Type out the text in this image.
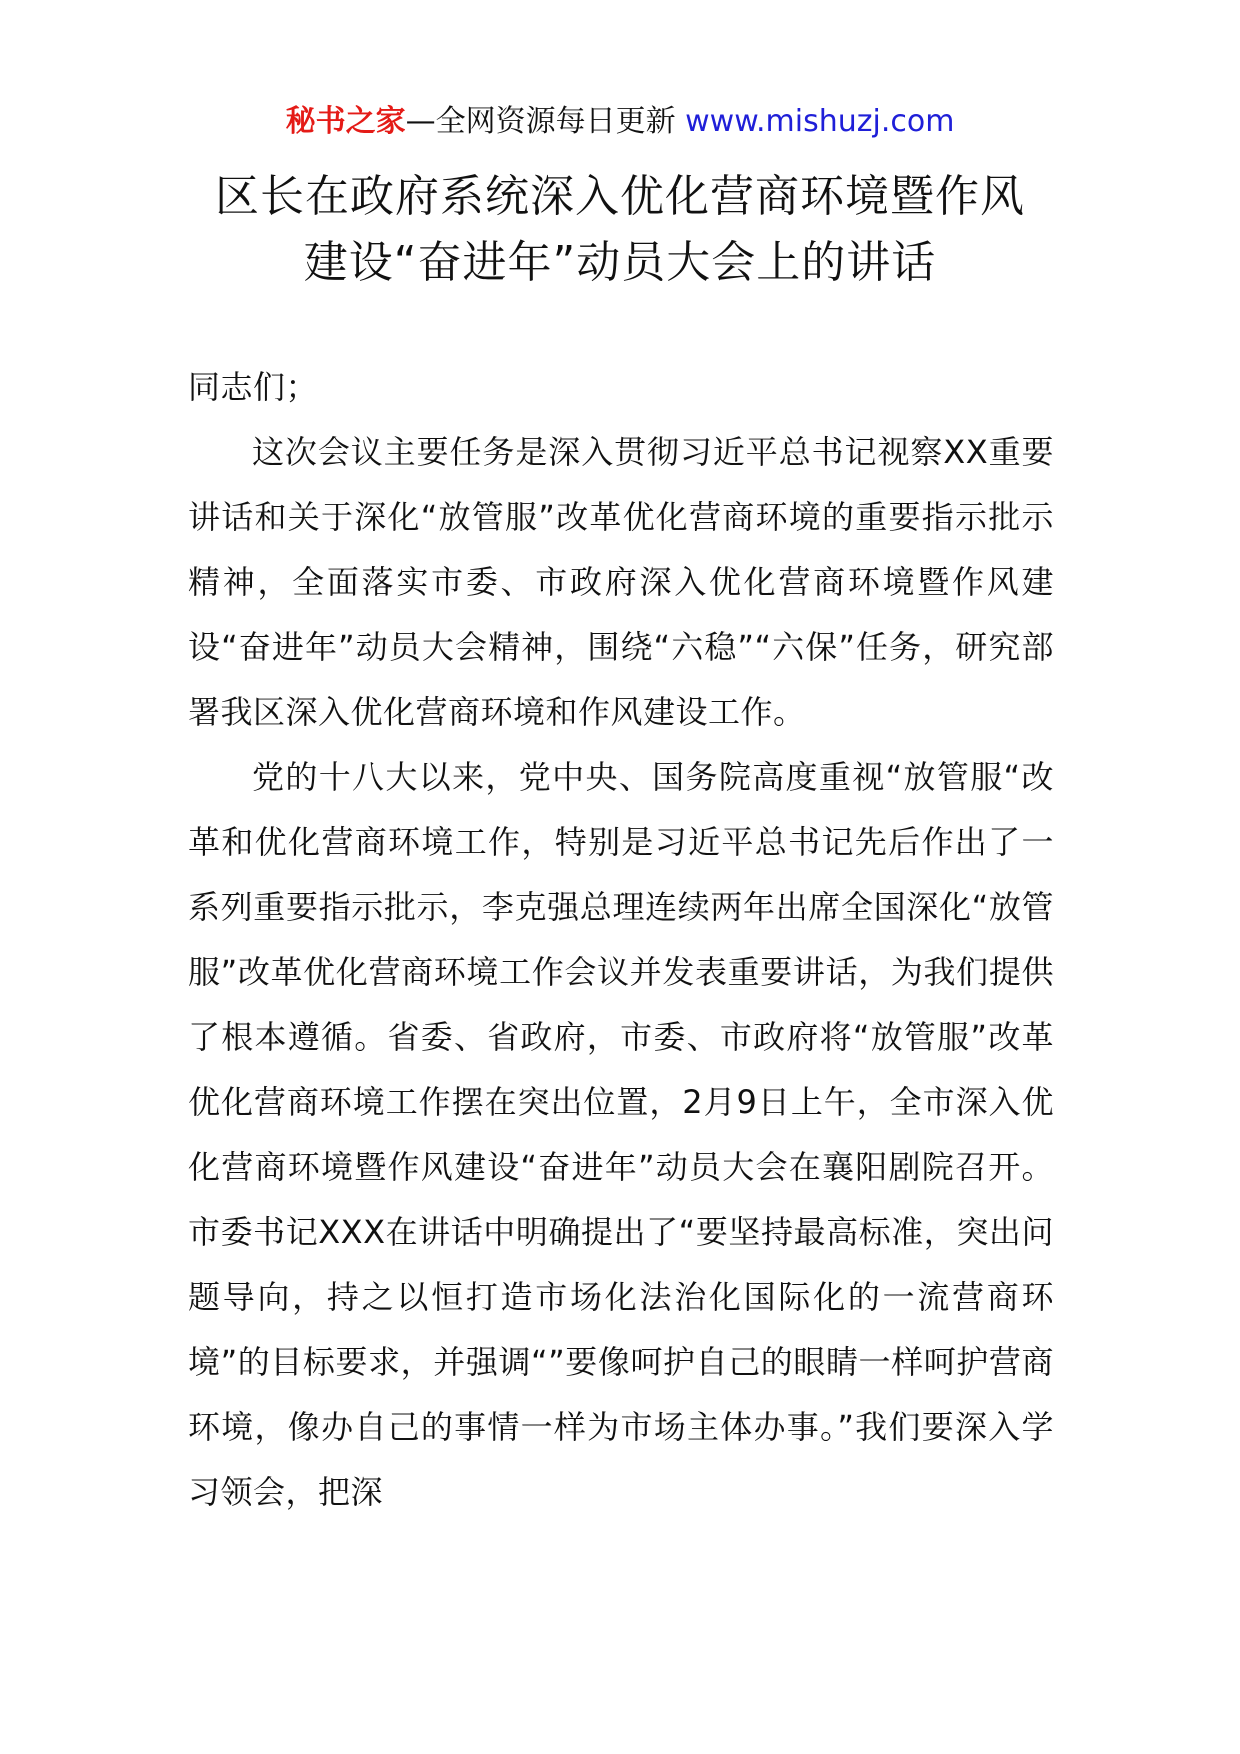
秘书之家—全网资源每日更新 www.mishuzj.com
区长在政府系统深入优化营商环境暨作风
建设“奋进年”动员大会上的讲话

同志们；

这次会议主要任务是深入贯彻习近平总书记视察XX重要讲话和关于深化“放管服”改革优化营商环境的重要指示批示精神，全面落实市委、市政府深入优化营商环境暨作风建设“奋进年”动员大会精神，围绕“六稳”“六保”任务，研究部署我区深入优化营商环境和作风建设工作。

党的十八大以来，党中央、国务院高度重视“放管服“改革和优化营商环境工作，特别是习近平总书记先后作出了一系列重要指示批示，李克强总理连续两年出席全国深化“放管服”改革优化营商环境工作会议并发表重要讲话，为我们提供了根本遵循。省委、省政府，市委、市政府将“放管服”改革优化营商环境工作摆在突出位置，2月9日上午，全市深入优化营商环境暨作风建设“奋进年”动员大会在襄阳剧院召开。市委书记XXX在讲话中明确提出了“要坚持最高标准，突出问题导向，持之以恒打造市场化法治化国际化的一流营商环境”的目标要求，并强调“”要像呵护自己的眼睛一样呵护营商环境，像办自己的事情一样为市场主体办事。”我们要深入学习领会，把深
